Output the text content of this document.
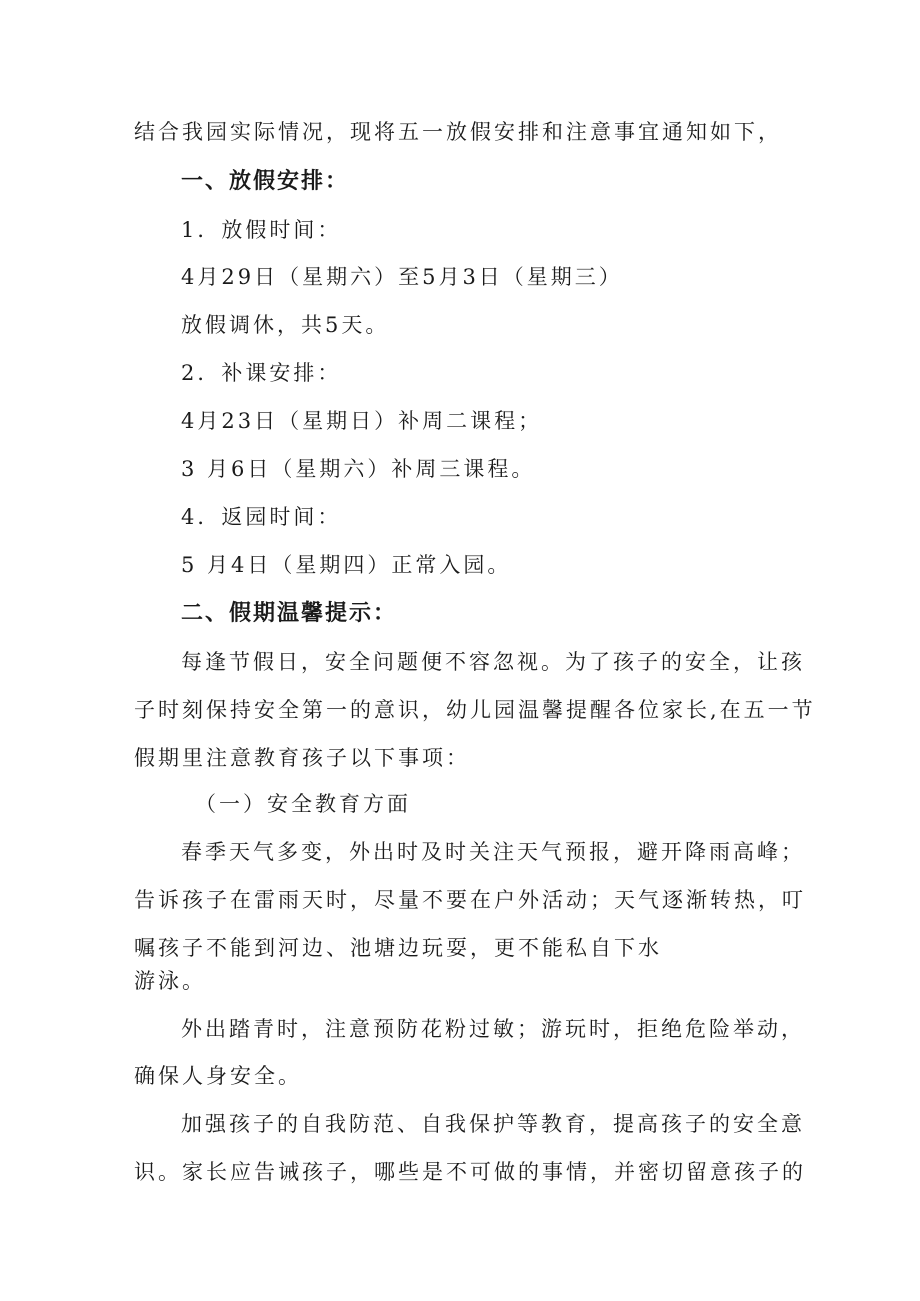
结合我园实际情况，现将五一放假安排和注意事宜通知如下，
一、放假安排：
1．放假时间：
4月29日（星期六）至5月3日（星期三）
放假调休，共5天。
2．补课安排：
4月23日（星期日）补周二课程；
3 月6日（星期六）补周三课程。
4．返园时间：
5 月4日（星期四）正常入园。
二、假期温馨提示：
每逢节假日，安全问题便不容忽视。为了孩子的安全，让孩
子时刻保持安全第一的意识，幼儿园温馨提醒各位家长,在五一节
假期里注意教育孩子以下事项：
（一）安全教育方面
春季天气多变，外出时及时关注天气预报，避开降雨高峰；
告诉孩子在雷雨天时，尽量不要在户外活动；天气逐渐转热，叮
嘱孩子不能到河边、池塘边玩耍，更不能私自下水
游泳。
外出踏青时，注意预防花粉过敏；游玩时，拒绝危险举动，
确保人身安全。
加强孩子的自我防范、自我保护等教育，提高孩子的安全意
识。家长应告诫孩子，哪些是不可做的事情，并密切留意孩子的
